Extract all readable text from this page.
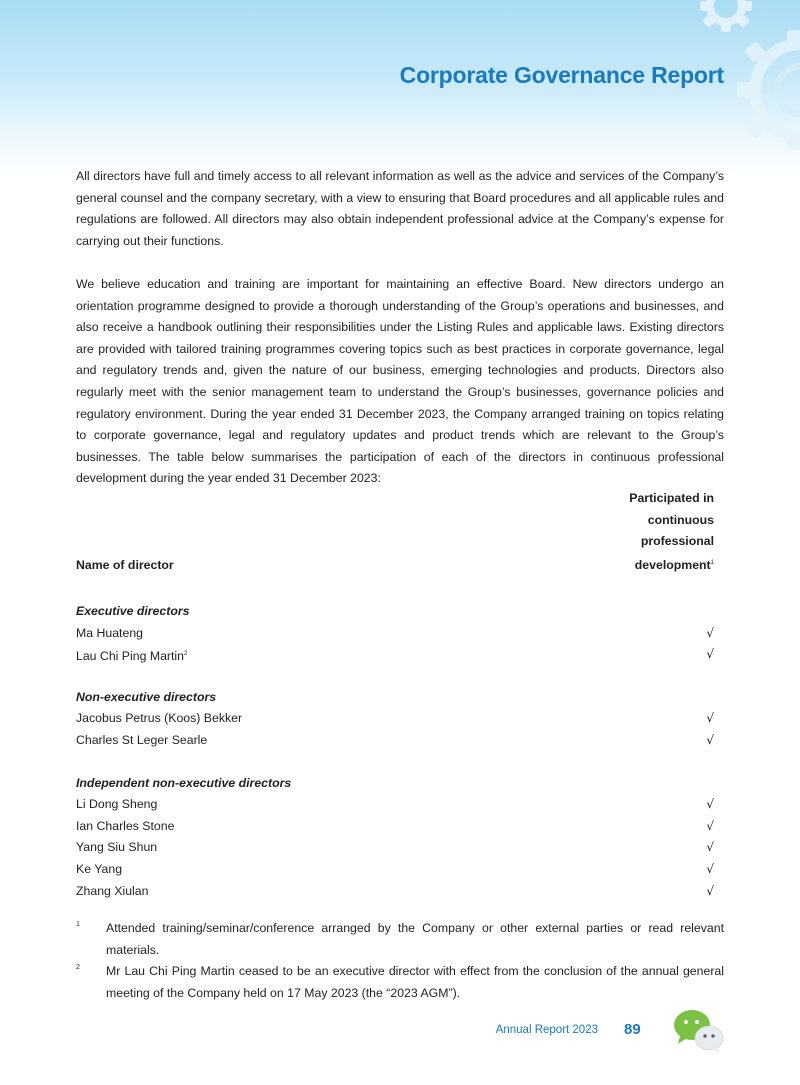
Corporate Governance Report
All directors have full and timely access to all relevant information as well as the advice and services of the Company’s general counsel and the company secretary, with a view to ensuring that Board procedures and all applicable rules and regulations are followed. All directors may also obtain independent professional advice at the Company’s expense for carrying out their functions.
We believe education and training are important for maintaining an effective Board. New directors undergo an orientation programme designed to provide a thorough understanding of the Group’s operations and businesses, and also receive a handbook outlining their responsibilities under the Listing Rules and applicable laws. Existing directors are provided with tailored training programmes covering topics such as best practices in corporate governance, legal and regulatory trends and, given the nature of our business, emerging technologies and products. Directors also regularly meet with the senior management team to understand the Group’s businesses, governance policies and regulatory environment. During the year ended 31 December 2023, the Company arranged training on topics relating to corporate governance, legal and regulatory updates and product trends which are relevant to the Group’s businesses. The table below summarises the participation of each of the directors in continuous professional development during the year ended 31 December 2023:
Name of director
Participated in
continuous
professional
development$^1$
Executive directors
Ma Huateng	√
Lau Chi Ping Martin$^2$	√
Non-executive directors
Jacobus Petrus (Koos) Bekker	√
Charles St Leger Searle	√
Independent non-executive directors
Li Dong Sheng	√
Ian Charles Stone	√
Yang Siu Shun	√
Ke Yang	√
Zhang Xiulan	√
1 Attended training/seminar/conference arranged by the Company or other external parties or read relevant materials.
2 Mr Lau Chi Ping Martin ceased to be an executive director with effect from the conclusion of the annual general meeting of the Company held on 17 May 2023 (the “2023 AGM”).
Annual Report 2023 89
